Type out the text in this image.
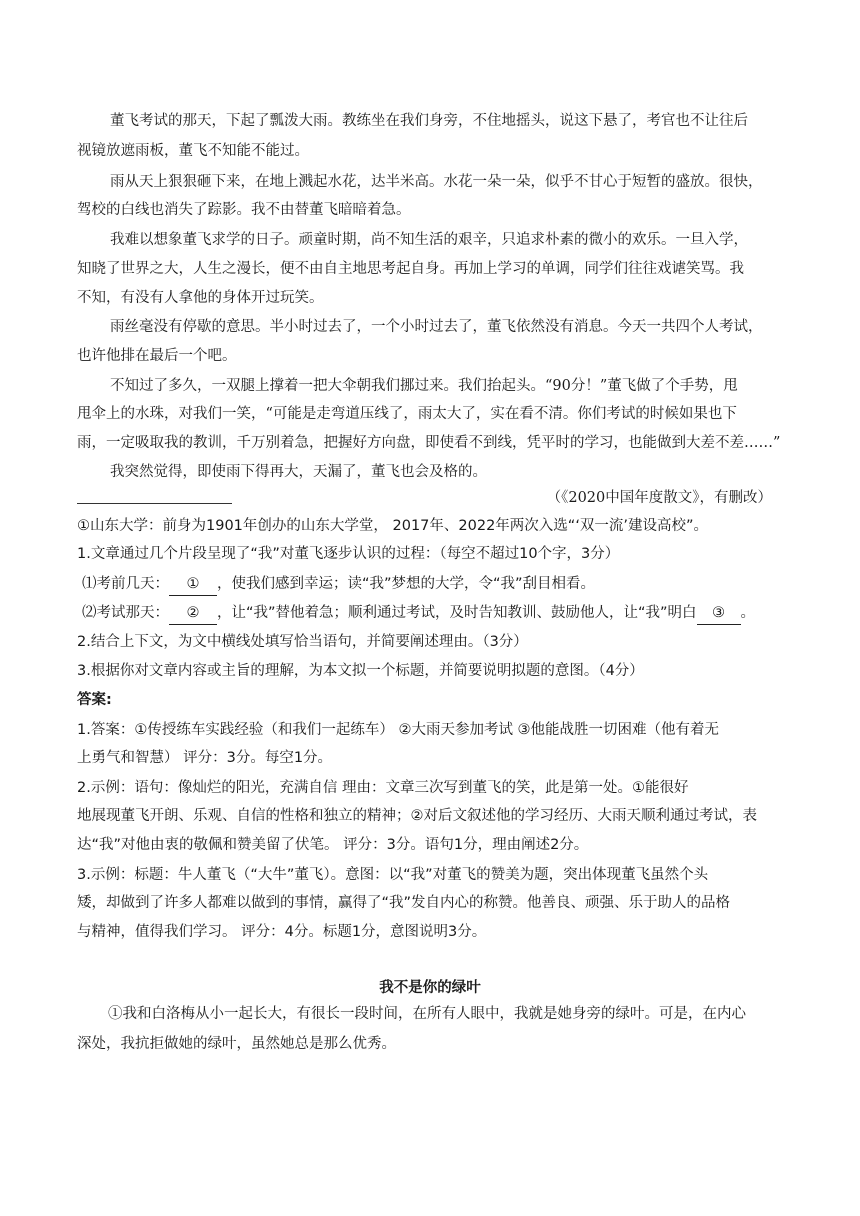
董飞考试的那天，下起了瓢泼大雨。教练坐在我们身旁，不住地摇头，说这下悬了，考官也不让往后
视镜放遮雨板，董飞不知能不能过。
雨从天上狠狠砸下来，在地上溅起水花，达半米高。水花一朵一朵，似乎不甘心于短暂的盛放。很快，
驾校的白线也消失了踪影。我不由替董飞暗暗着急。
我难以想象董飞求学的日子。顽童时期，尚不知生活的艰辛，只追求朴素的微小的欢乐。一旦入学，
知晓了世界之大，人生之漫长，便不由自主地思考起自身。再加上学习的单调，同学们往往戏谑笑骂。我
不知，有没有人拿他的身体开过玩笑。
雨丝毫没有停歇的意思。半小时过去了，一个小时过去了，董飞依然没有消息。今天一共四个人考试，
也许他排在最后一个吧。
不知过了多久，一双腿上撑着一把大伞朝我们挪过来。我们抬起头。“90分！”董飞做了个手势，甩
甩伞上的水珠，对我们一笑，“可能是走弯道压线了，雨太大了，实在看不清。你们考试的时候如果也下
雨，一定吸取我的教训，千万别着急，把握好方向盘，即使看不到线，凭平时的学习，也能做到大差不差……”
我突然觉得，即使雨下得再大，天漏了，董飞也会及格的。
（《2020中国年度散文》，有删改）
①山东大学：前身为1901年创办的山东大学堂， 2017年、2022年两次入选“‘双一流’建设高校”。
1.文章通过几个片段呈现了“我”对董飞逐步认识的过程：（每空不超过10个字，3分）
⑴考前几天： ① ，使我们感到幸运；读“我”梦想的大学，令“我”刮目相看。
⑵考试那天： ② ，让“我”替他着急；顺利通过考试，及时告知教训、鼓励他人，让“我”明白 ③ 。
2.结合上下文，为文中横线处填写恰当语句，并简要阐述理由。（3分）
3.根据你对文章内容或主旨的理解，为本文拟一个标题，并简要说明拟题的意图。（4分）
答案:
1.答案：①传授练车实践经验（和我们一起练车） ②大雨天参加考试 ③他能战胜一切困难（他有着无
上勇气和智慧） 评分：3分。每空1分。
2.示例：语句：像灿烂的阳光，充满自信 理由：文章三次写到董飞的笑，此是第一处。①能很好
地展现董飞开朗、乐观、自信的性格和独立的精神；②对后文叙述他的学习经历、大雨天顺利通过考试，表
达“我”对他由衷的敬佩和赞美留了伏笔。 评分：3分。语句1分，理由阐述2分。
3.示例：标题：牛人董飞（“大牛”董飞）。意图：以“我”对董飞的赞美为题，突出体现董飞虽然个头
矮，却做到了许多人都难以做到的事情，赢得了“我”发自内心的称赞。他善良、顽强、乐于助人的品格
与精神，值得我们学习。 评分：4分。标题1分，意图说明3分。
我不是你的绿叶
①我和白洛梅从小一起长大，有很长一段时间，在所有人眼中，我就是她身旁的绿叶。可是，在内心
深处，我抗拒做她的绿叶，虽然她总是那么优秀。
